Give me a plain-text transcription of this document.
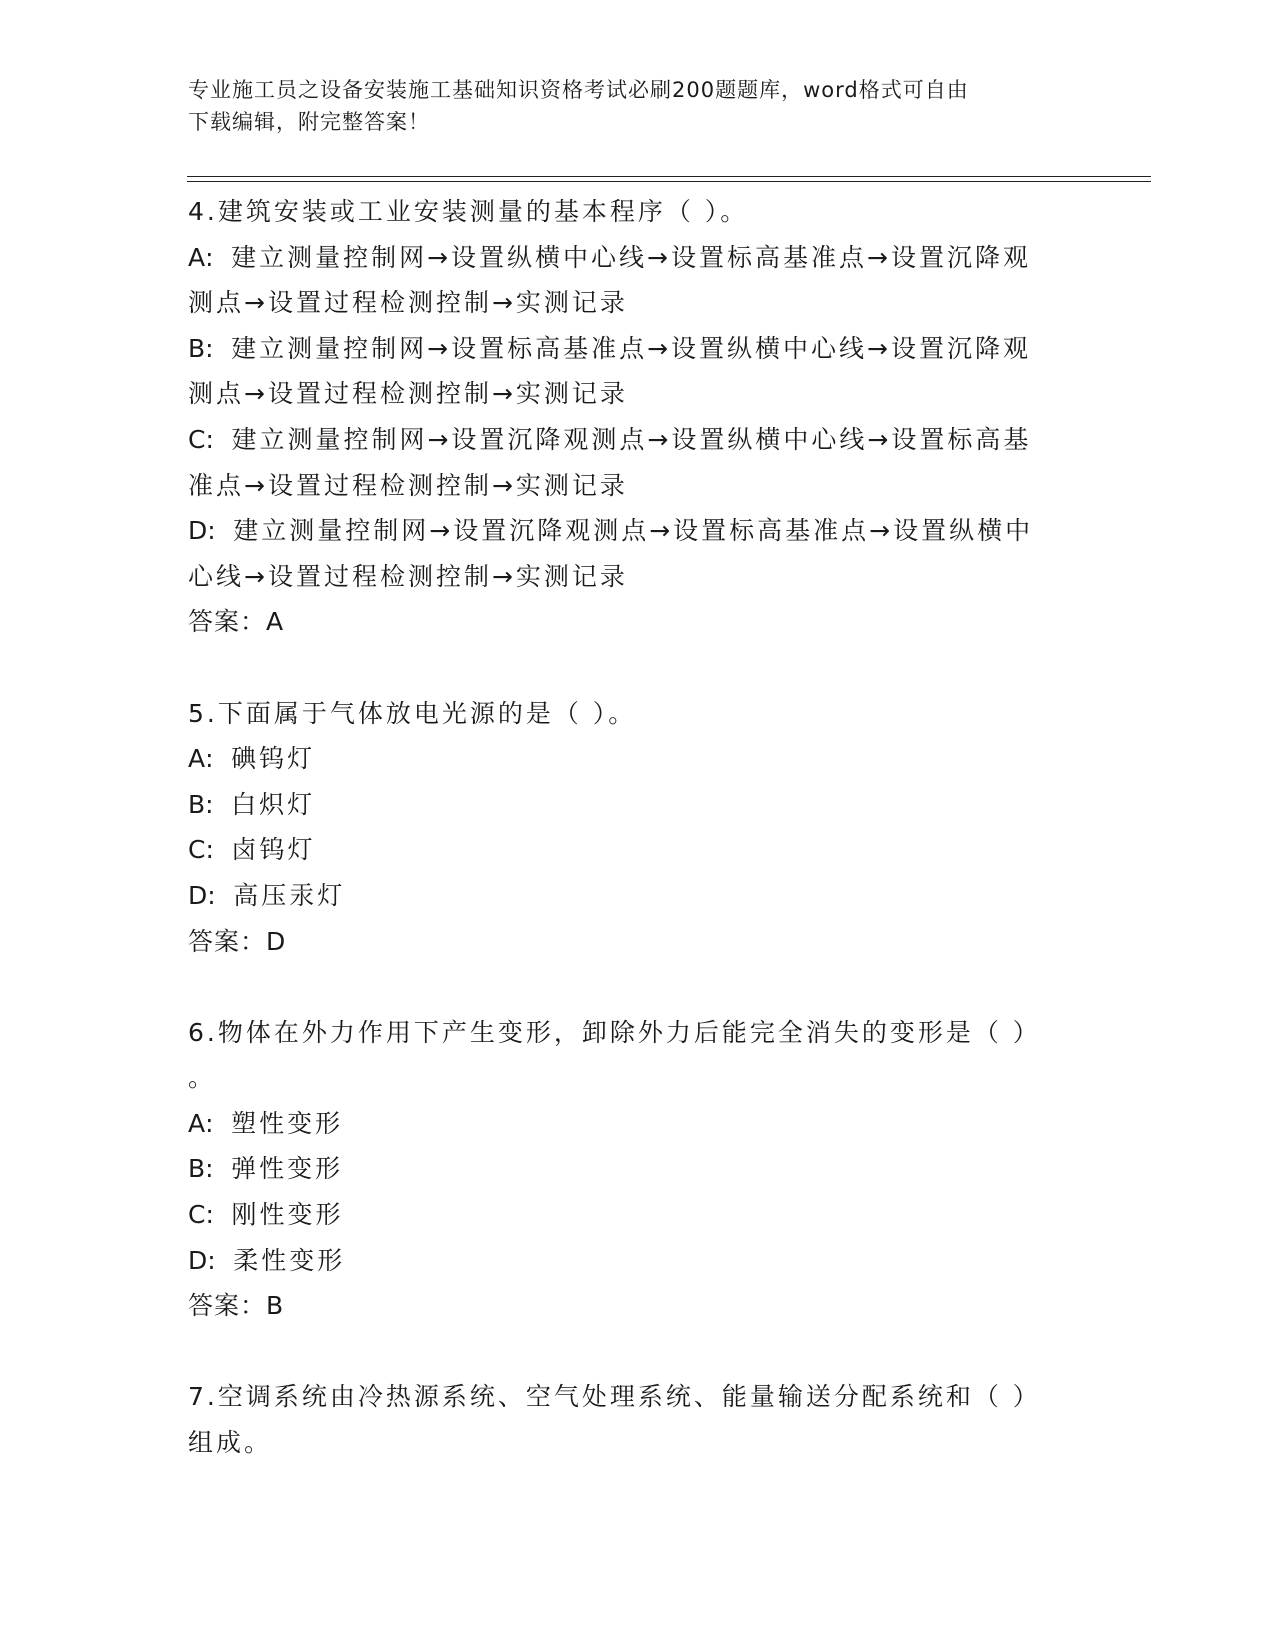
专业施工员之设备安装施工基础知识资格考试必刷200题题库，word格式可自由
下载编辑，附完整答案！

4.建筑安装或工业安装测量的基本程序（ ）。

A: 建立测量控制网→设置纵横中心线→设置标高基准点→设置沉降观
测点→设置过程检测控制→实测记录
B: 建立测量控制网→设置标高基准点→设置纵横中心线→设置沉降观
测点→设置过程检测控制→实测记录
C: 建立测量控制网→设置沉降观测点→设置纵横中心线→设置标高基
准点→设置过程检测控制→实测记录
D: 建立测量控制网→设置沉降观测点→设置标高基准点→设置纵横中
心线→设置过程检测控制→实测记录
答案：A

5.下面属于气体放电光源的是（ ）。

A: 碘钨灯
B: 白炽灯
C: 卤钨灯
D: 高压汞灯
答案：D

6.物体在外力作用下产生变形，卸除外力后能完全消失的变形是（ ）
。

A: 塑性变形
B: 弹性变形
C: 刚性变形
D: 柔性变形
答案：B

7.空调系统由冷热源系统、空气处理系统、能量输送分配系统和（ ）
组成。
